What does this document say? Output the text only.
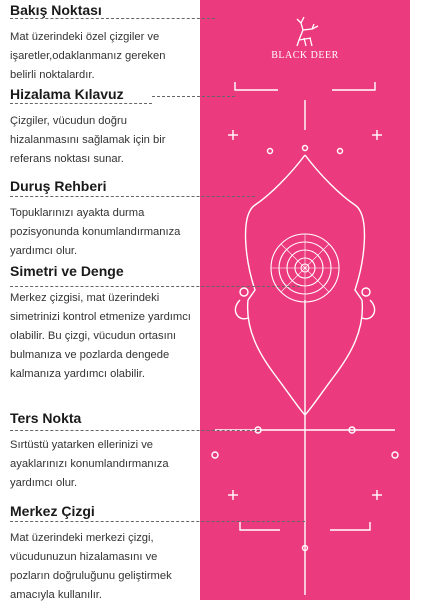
BLACK DEER
Bakış Noktası

Mat üzerindeki özel çizgiler ve

işaretler,odaklanmanız gereken

belirli noktalardır.

Hizalama Kılavuz

Çizgiler, vücudun doğru

hizalanmasını sağlamak için bir

referans noktası sunar.

Duruş Rehberi

Topuklarınızı ayakta durma

pozisyonunda konumlandırmanıza

yardımcı olur.

Simetri ve Denge

Merkez çizgisi, mat üzerindeki

simetrinizi kontrol etmenize yardımcı

olabilir. Bu çizgi, vücudun ortasını

bulmanıza ve pozlarda dengede

kalmanıza yardımcı olabilir.

Ters Nokta

Sırtüstü yatarken ellerinizi ve

ayaklarınızı konumlandırmanıza

yardımcı olur.

Merkez Çizgi

Mat üzerindeki merkezi çizgi,

vücudunuzun hizalamasını ve

pozların doğruluğunu geliştirmek

amacıyla kullanılır.
